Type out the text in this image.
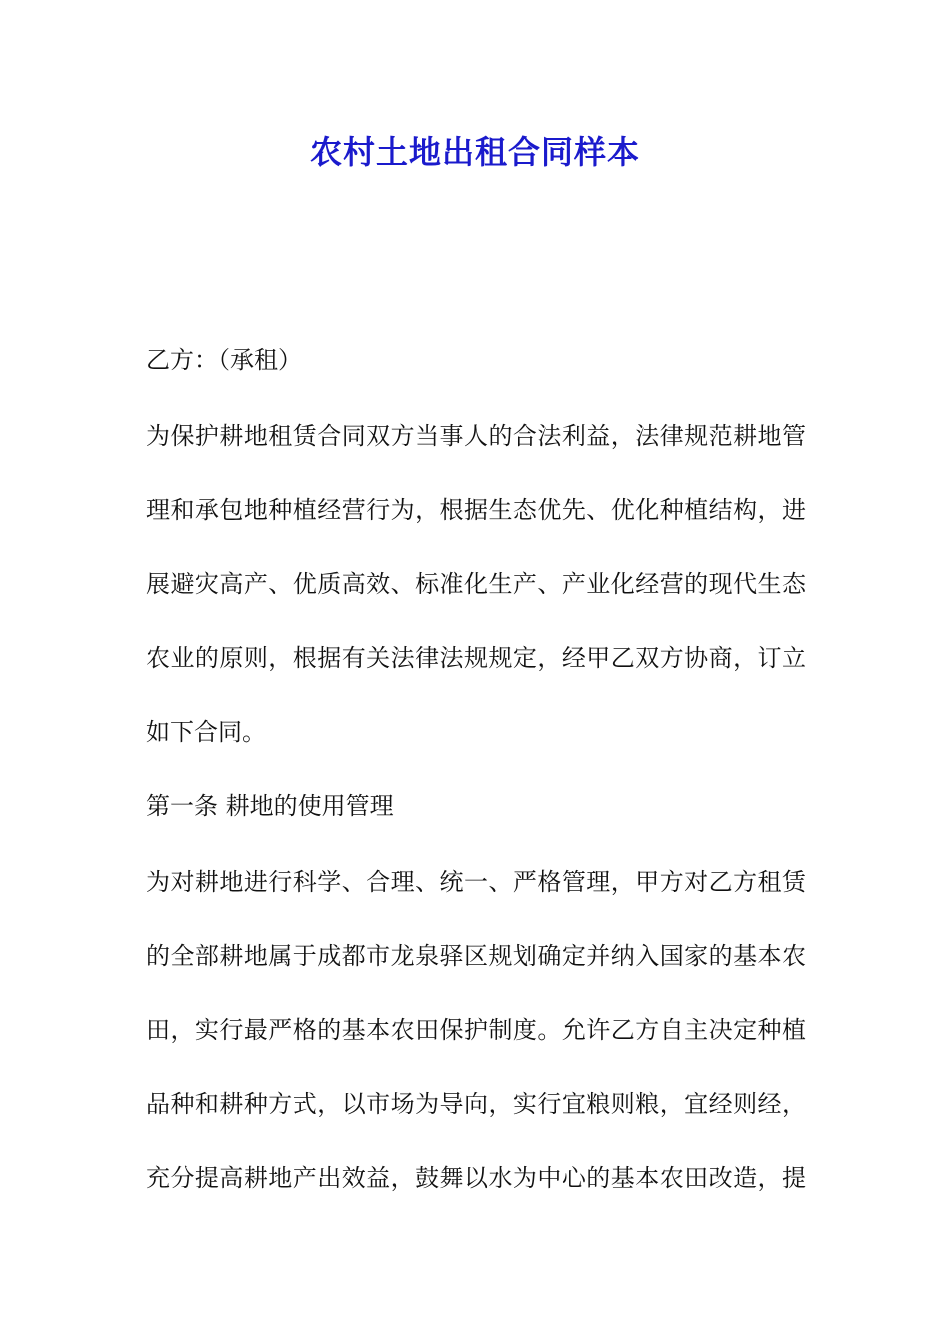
农村土地出租合同样本

乙方：（承租）

为保护耕地租赁合同双方当事人的合法利益，法律规范耕地管

理和承包地种植经营行为，根据生态优先、优化种植结构，进

展避灾高产、优质高效、标准化生产、产业化经营的现代生态

农业的原则，根据有关法律法规规定，经甲乙双方协商，订立

如下合同。

第一条 耕地的使用管理

为对耕地进行科学、合理、统一、严格管理，甲方对乙方租赁

的全部耕地属于成都市龙泉驿区规划确定并纳入国家的基本农

田，实行最严格的基本农田保护制度。允许乙方自主决定种植

品种和耕种方式，以市场为导向，实行宜粮则粮，宜经则经，

充分提高耕地产出效益，鼓舞以水为中心的基本农田改造，提
